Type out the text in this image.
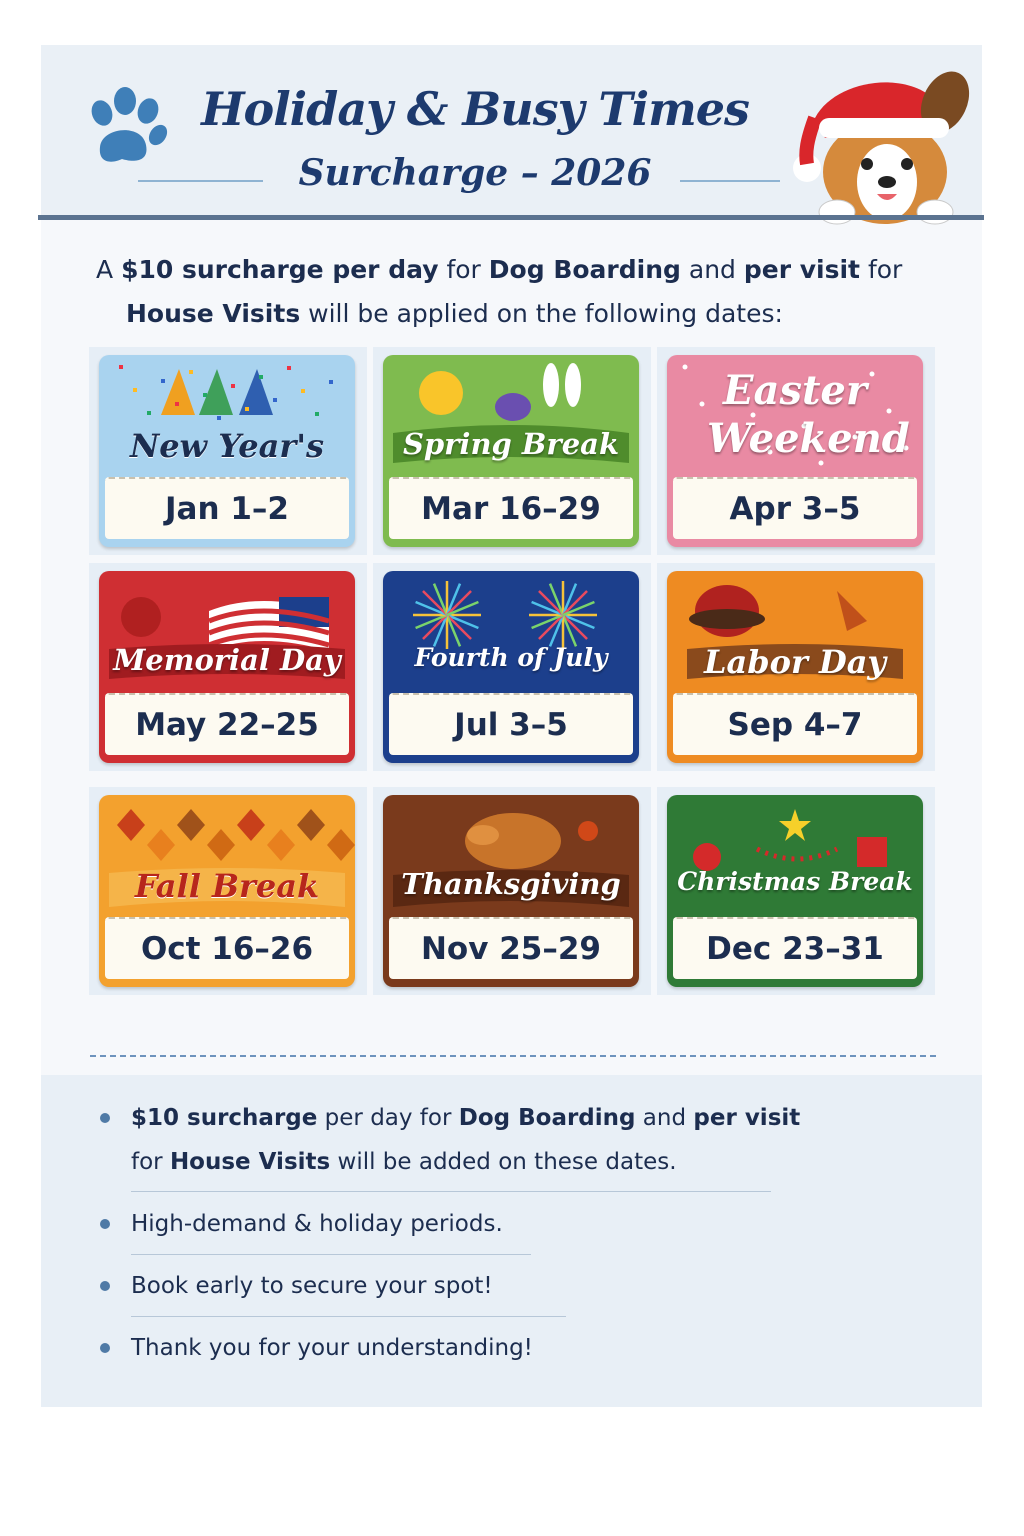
Holiday & Busy Times
Surcharge – 2026
A $10 surcharge per day for Dog Boarding and per visit for
House Visits will be applied on the following dates:
New Year's
Jan 1–2
Spring Break
Mar 16–29
Easter Weekend
Apr 3–5
Memorial Day
May 22–25
Fourth of July
Jul 3–5
Labor Day
Sep 4–7
Fall Break
Oct 16–26
Thanksgiving
Nov 25–29
Christmas Break
Dec 23–31
$10 surcharge per day for Dog Boarding and per visit
for House Visits will be added on these dates.
High-demand & holiday periods.
Book early to secure your spot!
Thank you for your understanding!
